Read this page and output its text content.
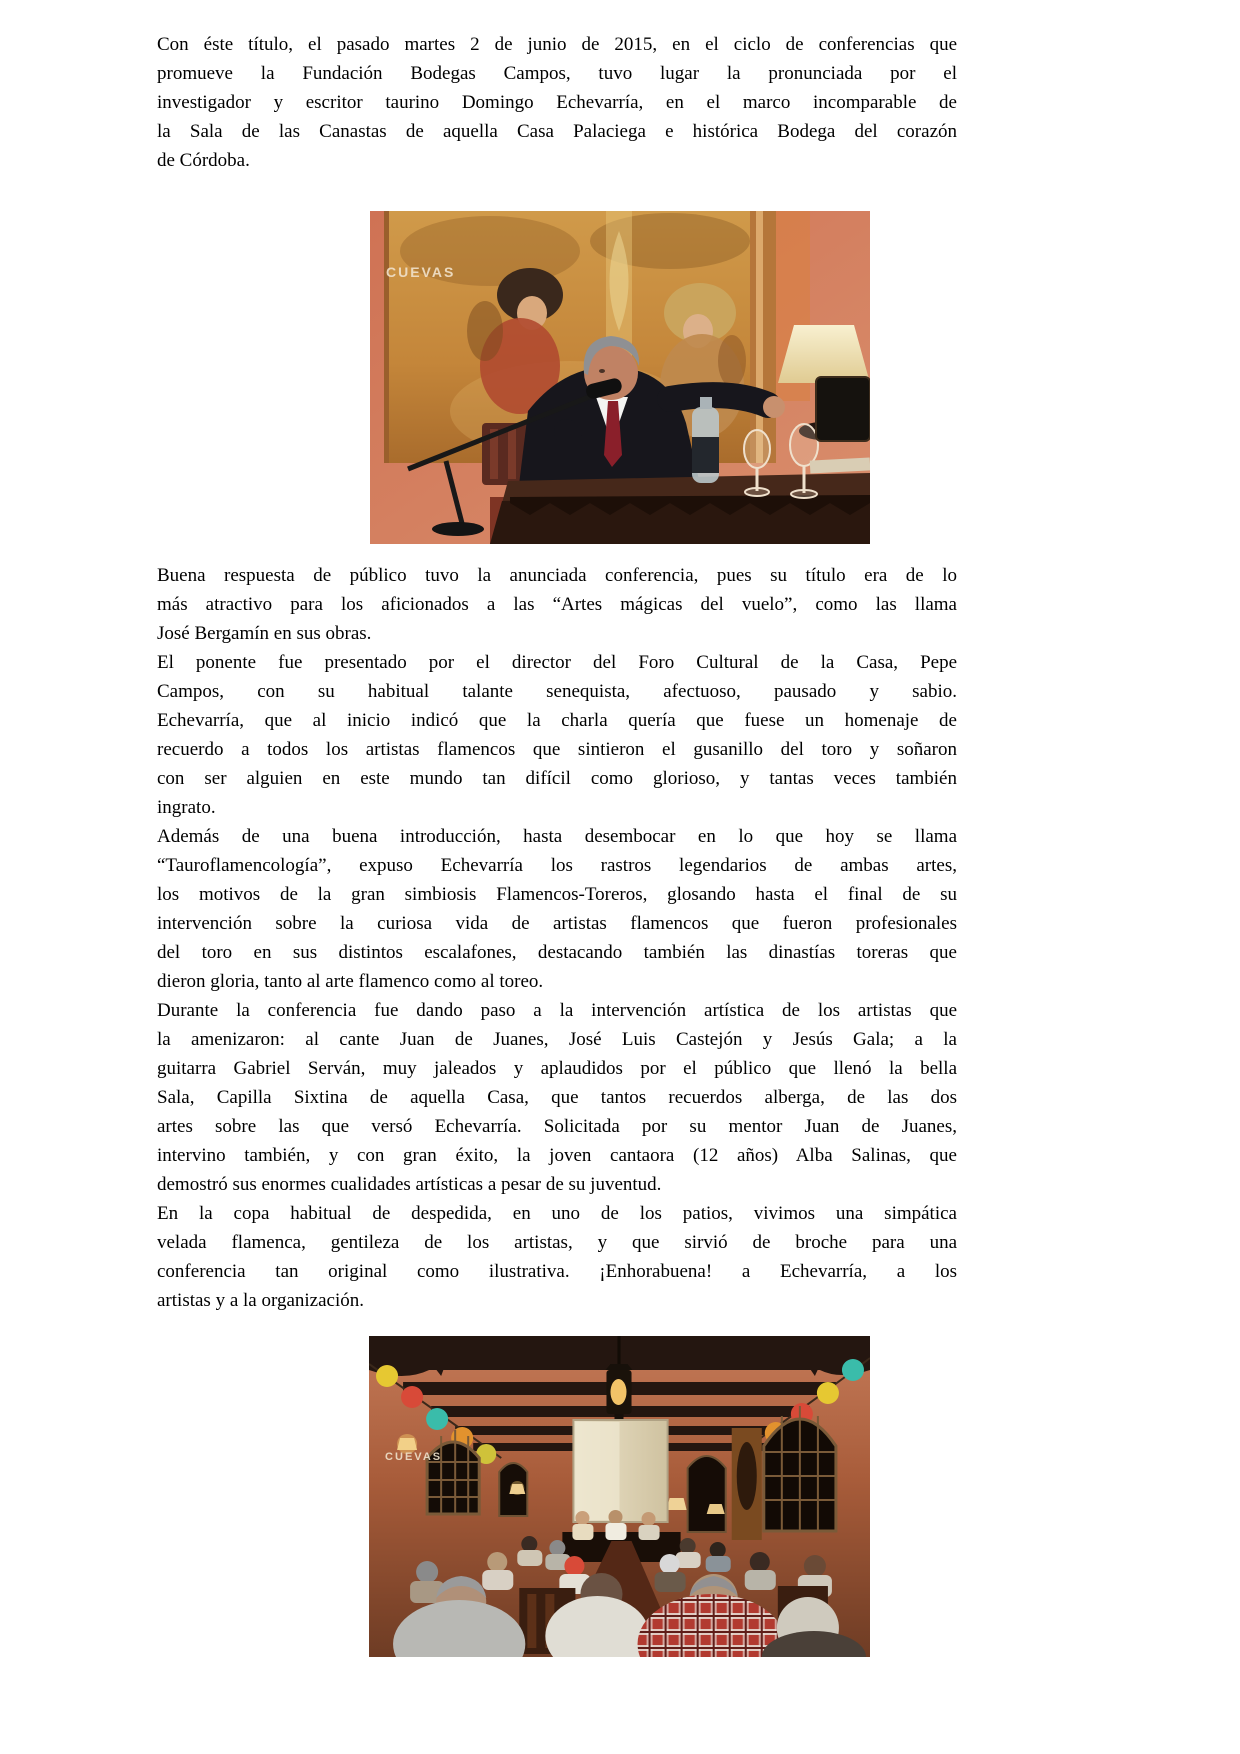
Con éste título, el pasado martes 2 de junio de 2015, en el ciclo de conferencias que
promueve la Fundación Bodegas Campos, tuvo lugar la pronunciada por el
investigador y escritor taurino Domingo Echevarría, en el marco incomparable de
la Sala de las Canastas de aquella Casa Palaciega e histórica Bodega del corazón
de Córdoba.
CUEVAS
Buena respuesta de público tuvo la anunciada conferencia, pues su título era de lo
más atractivo para los aficionados a las “Artes mágicas del vuelo”, como las llama
José Bergamín en sus obras.
El ponente fue presentado por el director del Foro Cultural de la Casa, Pepe
Campos, con su habitual talante senequista, afectuoso, pausado y sabio.
Echevarría, que al inicio indicó que la charla quería que fuese un homenaje de
recuerdo a todos los artistas flamencos que sintieron el gusanillo del toro y soñaron
con ser alguien en este mundo tan difícil como glorioso, y tantas veces también
ingrato.
Además de una buena introducción, hasta desembocar en lo que hoy se llama
“Tauroflamencología”, expuso Echevarría los rastros legendarios de ambas artes,
los motivos de la gran simbiosis Flamencos-Toreros, glosando hasta el final de su
intervención sobre la curiosa vida de artistas flamencos que fueron profesionales
del toro en sus distintos escalafones, destacando también las dinastías toreras que
dieron gloria, tanto al arte flamenco como al toreo.
Durante la conferencia fue dando paso a la intervención artística de los artistas que
la amenizaron: al cante Juan de Juanes, José Luis Castejón y Jesús Gala; a la
guitarra Gabriel Serván, muy jaleados y aplaudidos por el público que llenó la bella
Sala, Capilla Sixtina de aquella Casa, que tantos recuerdos alberga, de las dos
artes sobre las que versó Echevarría. Solicitada por su mentor Juan de Juanes,
intervino también, y con gran éxito, la joven cantaora (12 años) Alba Salinas, que
demostró sus enormes cualidades artísticas a pesar de su juventud.
En la copa habitual de despedida, en uno de los patios, vivimos una simpática
velada flamenca, gentileza de los artistas, y que sirvió de broche para una
conferencia tan original como ilustrativa. ¡Enhorabuena! a Echevarría, a los
artistas y a la organización.
CUEVAS
